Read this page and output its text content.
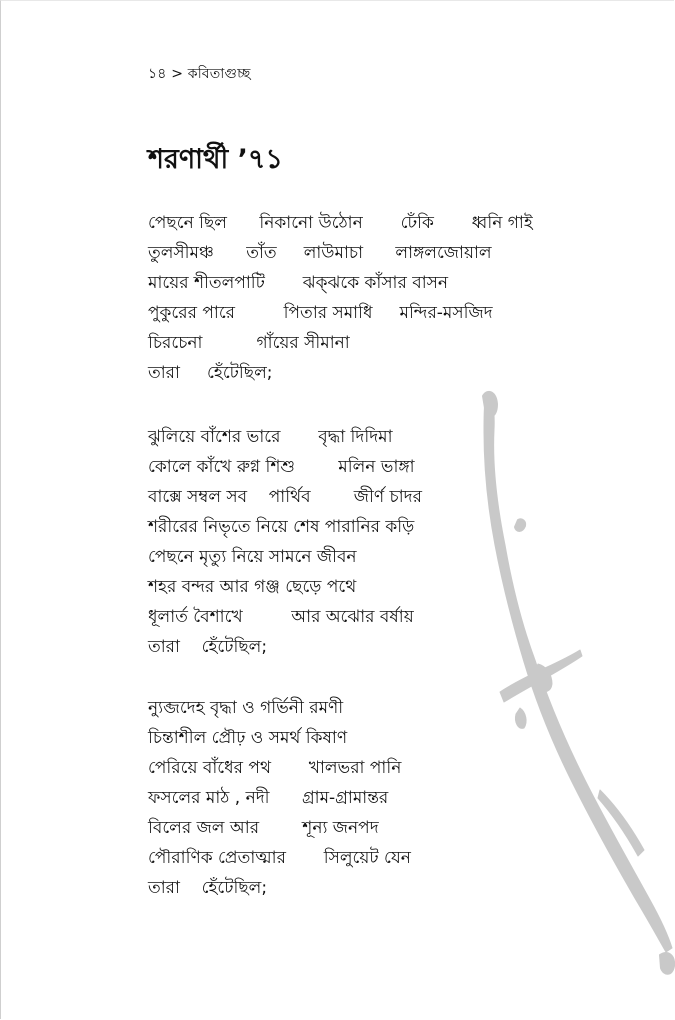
১৪ > কবিতাগুচ্ছ
শরণার্থী ’৭১
পেছনে ছিল      নিকানো উঠোন       ঢেঁকি       ধ্বনি গাই
তুলসীমঞ্চ      তাঁত     লাউমাচা      লাঙ্গলজোয়াল
মায়ের শীতলপাটি       ঝক্‌ঝকে কাঁসার বাসন
পুকুরের পারে         পিতার সমাধি     মন্দির-মসজিদ
চিরচেনা          গাঁয়ের সীমানা
তারা     হেঁটেছিল;
ঝুলিয়ে বাঁশের ভারে       বৃদ্ধা দিদিমা
কোলে কাঁখে রুগ্ন শিশু        মলিন ভাঙ্গা
বাক্সে সম্বল সব    পার্থিব        জীর্ণ চাদর
শরীরের নিভৃতে নিয়ে শেষ পারানির কড়ি
পেছনে মৃত্যু নিয়ে সামনে জীবন
শহর বন্দর আর গঞ্জ ছেড়ে পথে
ধূলার্ত বৈশাখে         আর অঝোর বর্ষায়
তারা    হেঁটেছিল;
ন্যুব্জদেহ বৃদ্ধা ও গর্ভিনী রমণী
চিন্তাশীল প্রৌঢ় ও সমর্থ কিষাণ
পেরিয়ে বাঁধের পথ       খালভরা পানি
ফসলের মাঠ , নদী      গ্রাম-গ্রামান্তর
বিলের জল আর        শূন্য জনপদ
পৌরাণিক প্রেতাত্মার       সিলুয়েট যেন
তারা    হেঁটেছিল;
